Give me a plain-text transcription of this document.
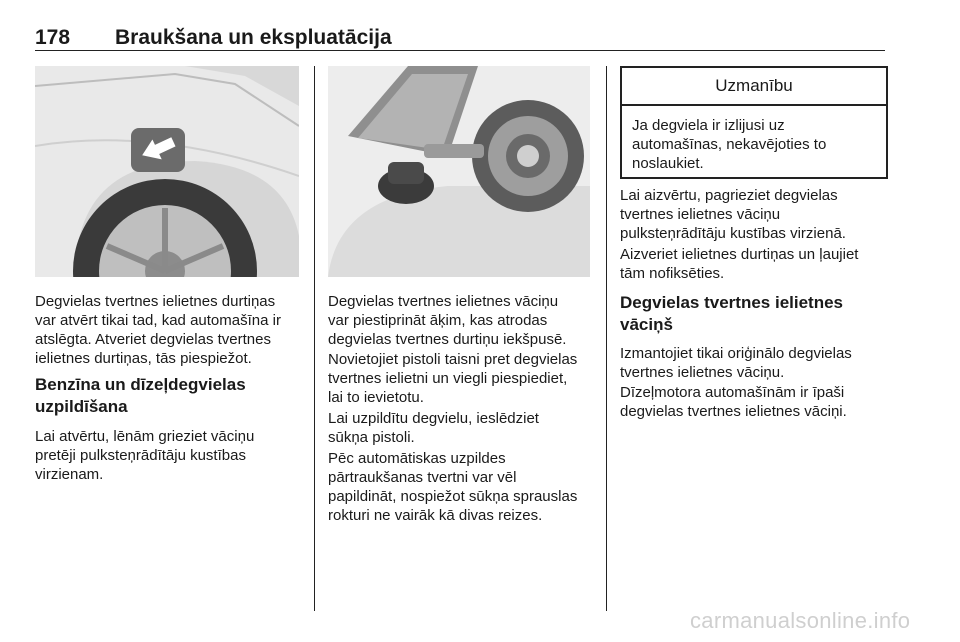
178 Braukšana un ekspluatācija

Degvielas tvertnes ielietnes durtiņas
var atvērt tikai tad, kad automašīna ir
atslēgta. Atveriet degvielas tvertnes
ielietnes durtiņas, tās piespiežot.

Benzīna un dīzeļdegvielas
uzpildīšana

Lai atvērtu, lēnām grieziet vāciņu
pretēji pulksteņrādītāju kustības
virzienam.

Degvielas tvertnes ielietnes vāciņu
var piestiprināt āķim, kas atrodas
degvielas tvertnes durtiņu iekšpusē.

Novietojiet pistoli taisni pret degvielas
tvertnes ielietni un viegli piespiediet,
lai to ievietotu.

Lai uzpildītu degvielu, ieslēdziet
sūkņa pistoli.

Pēc automātiskas uzpildes
pārtraukšanas tvertni var vēl
papildināt, nospiežot sūkņa sprauslas
rokturi ne vairāk kā divas reizes.

Uzmanību

Ja degviela ir izlijusi uz
automašīnas, nekavējoties to
noslaukiet.

Lai aizvērtu, pagrieziet degvielas
tvertnes ielietnes vāciņu
pulksteņrādītāju kustības virzienā.

Aizveriet ielietnes durtiņas un ļaujiet
tām nofiksēties.

Degvielas tvertnes ielietnes
vāciņš

Izmantojiet tikai oriģinālo degvielas
tvertnes ielietnes vāciņu.

Dīzeļmotora automašīnām ir īpaši
degvielas tvertnes ielietnes vāciņi.

carmanualsonline.info
